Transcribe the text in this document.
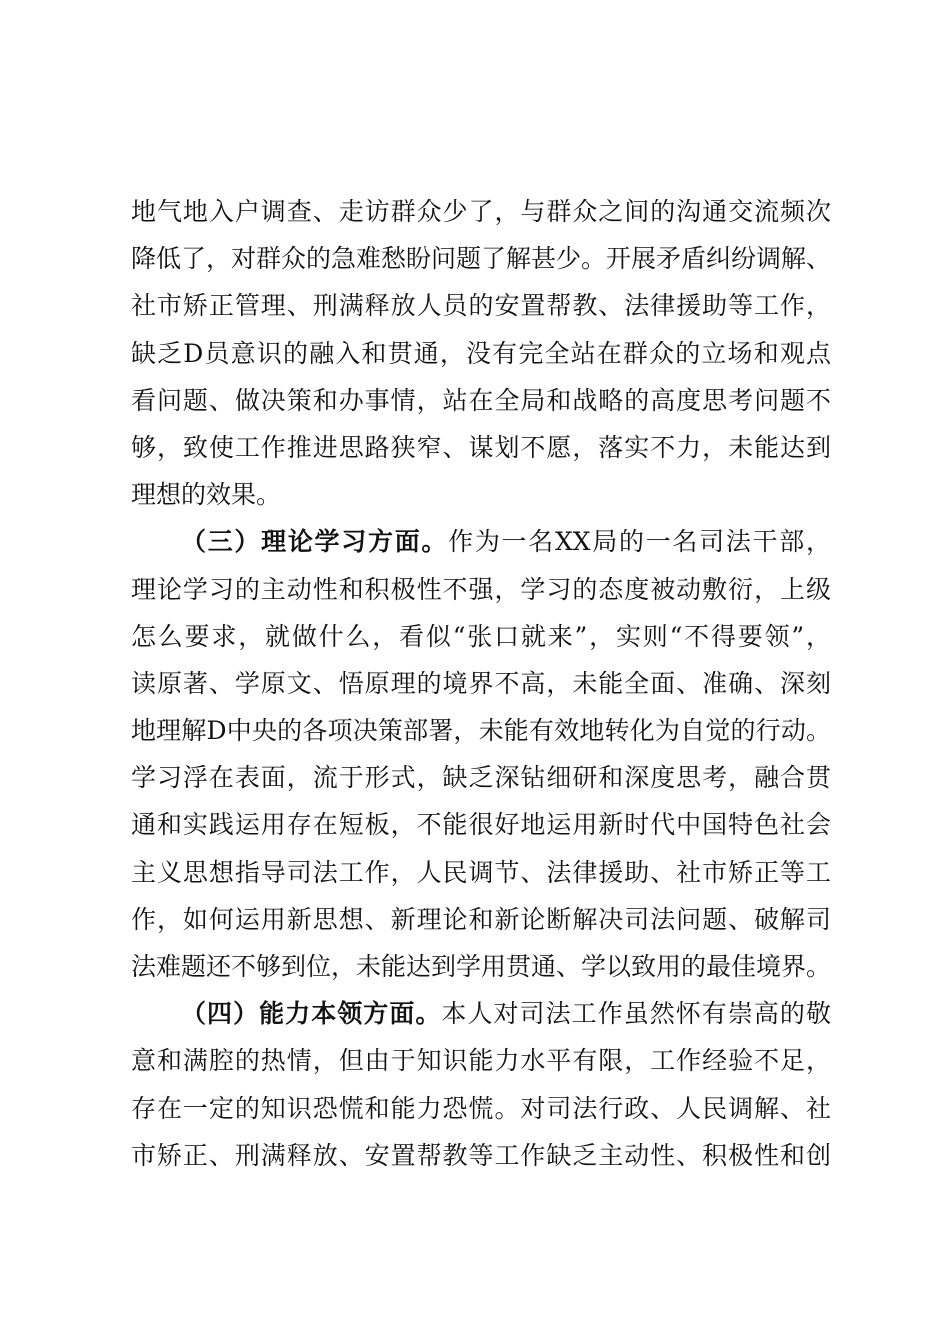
地气地入户调查、走访群众少了，与群众之间的沟通交流频次
降低了，对群众的急难愁盼问题了解甚少。开展矛盾纠纷调解、
社市矫正管理、刑满释放人员的安置帮教、法律援助等工作，
缺乏D员意识的融入和贯通，没有完全站在群众的立场和观点
看问题、做决策和办事情，站在全局和战略的高度思考问题不
够，致使工作推进思路狭窄、谋划不愿，落实不力，未能达到
理想的效果。
（三）理论学习方面。作为一名XX局的一名司法干部，
理论学习的主动性和积极性不强，学习的态度被动敷衍，上级
怎么要求，就做什么，看似“张口就来”，实则“不得要领”，
读原著、学原文、悟原理的境界不高，未能全面、准确、深刻
地理解D中央的各项决策部署，未能有效地转化为自觉的行动。
学习浮在表面，流于形式，缺乏深钻细研和深度思考，融合贯
通和实践运用存在短板，不能很好地运用新时代中国特色社会
主义思想指导司法工作，人民调节、法律援助、社市矫正等工
作，如何运用新思想、新理论和新论断解决司法问题、破解司
法难题还不够到位，未能达到学用贯通、学以致用的最佳境界。
（四）能力本领方面。本人对司法工作虽然怀有崇高的敬
意和满腔的热情，但由于知识能力水平有限，工作经验不足，
存在一定的知识恐慌和能力恐慌。对司法行政、人民调解、社
市矫正、刑满释放、安置帮教等工作缺乏主动性、积极性和创
